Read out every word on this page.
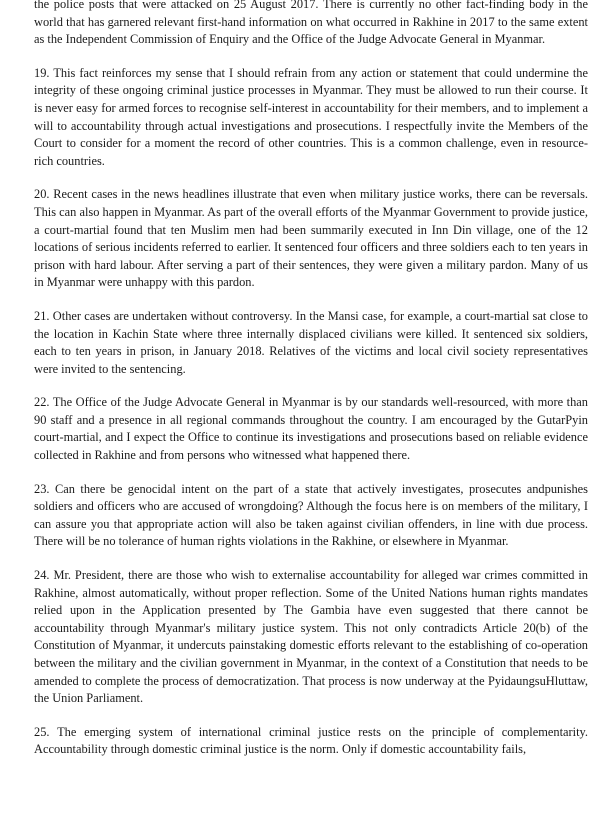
the police posts that were attacked on 25 August 2017. There is currently no other fact-finding body in the world that has garnered relevant first-hand information on what occurred in Rakhine in 2017 to the same extent as the Independent Commission of Enquiry and the Office of the Judge Advocate General in Myanmar.

19. This fact reinforces my sense that I should refrain from any action or statement that could undermine the integrity of these ongoing criminal justice processes in Myanmar. They must be allowed to run their course. It is never easy for armed forces to recognise self-interest in accountability for their members, and to implement a will to accountability through actual investigations and prosecutions. I respectfully invite the Members of the Court to consider for a moment the record of other countries. This is a common challenge, even in resource-rich countries.

20. Recent cases in the news headlines illustrate that even when military justice works, there can be reversals. This can also happen in Myanmar. As part of the overall efforts of the Myanmar Government to provide justice, a court-martial found that ten Muslim men had been summarily executed in Inn Din village, one of the 12 locations of serious incidents referred to earlier. It sentenced four officers and three soldiers each to ten years in prison with hard labour. After serving a part of their sentences, they were given a military pardon. Many of us in Myanmar were unhappy with this pardon.

21. Other cases are undertaken without controversy. In the Mansi case, for example, a court-martial sat close to the location in Kachin State where three internally displaced civilians were killed. It sentenced six soldiers, each to ten years in prison, in January 2018. Relatives of the victims and local civil society representatives were invited to the sentencing.

22. The Office of the Judge Advocate General in Myanmar is by our standards well-resourced, with more than 90 staff and a presence in all regional commands throughout the country. I am encouraged by the GutarPyin court-martial, and I expect the Office to continue its investigations and prosecutions based on reliable evidence collected in Rakhine and from persons who witnessed what happened there.

23. Can there be genocidal intent on the part of a state that actively investigates, prosecutes andpunishes soldiers and officers who are accused of wrongdoing? Although the focus here is on members of the military, I can assure you that appropriate action will also be taken against civilian offenders, in line with due process. There will be no tolerance of human rights violations in the Rakhine, or elsewhere in Myanmar.

24. Mr. President, there are those who wish to externalise accountability for alleged war crimes committed in Rakhine, almost automatically, without proper reflection. Some of the United Nations human rights mandates relied upon in the Application presented by The Gambia have even suggested that there cannot be accountability through Myanmar's military justice system. This not only contradicts Article 20(b) of the Constitution of Myanmar, it undercuts painstaking domestic efforts relevant to the establishing of co-operation between the military and the civilian government in Myanmar, in the context of a Constitution that needs to be amended to complete the process of democratization. That process is now underway at the PyidaungsuHluttaw, the Union Parliament.

25. The emerging system of international criminal justice rests on the principle of complementarity. Accountability through domestic criminal justice is the norm. Only if domestic accountability fails,
